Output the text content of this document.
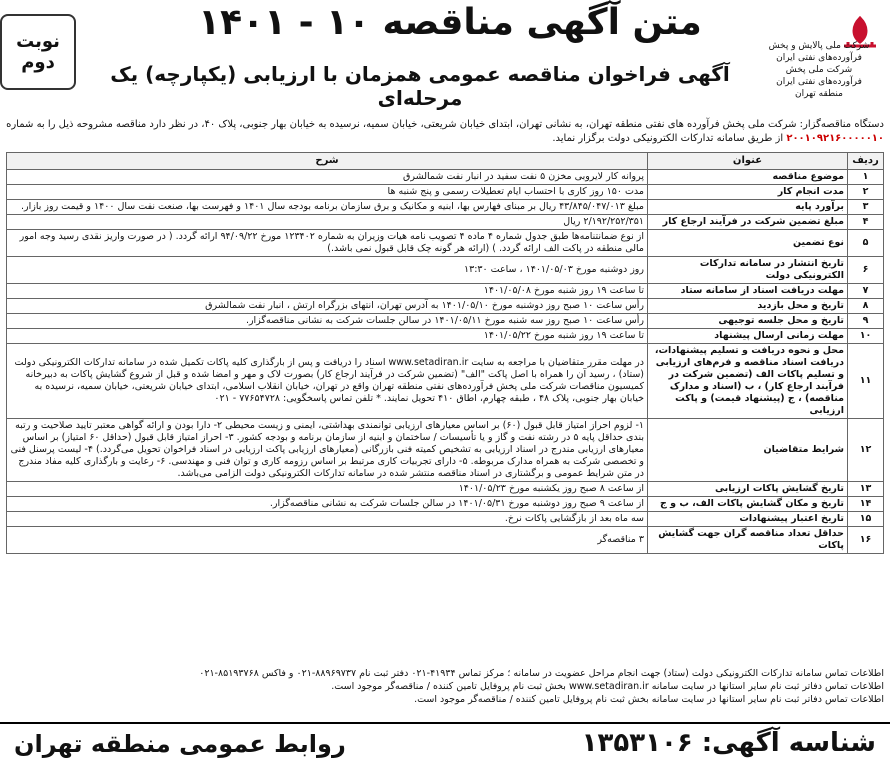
نوبت
دوم
متن آگهی مناقصه ۱۰ - ۱۴۰۱
آگهی فراخوان مناقصه عمومی همزمان با ارزیابی (یکپارچه) یک مرحله‌ای
شرکت ملی پالایش و پخش فرآورده‌های نفتی ایران
شرکت ملی پخش فرآورده‌های نفتی ایران
منطقه تهران
دستگاه مناقصه‌گزار: شرکت ملی پخش فرآورده های نفتی منطقه تهران، به نشانی تهران، ابتدای خیابان شریعتی، خیابان سمیه، نرسیده به خیابان بهار جنوبی، پلاک ۴۰، در نظر دارد مناقصه مشروحه ذیل را به شماره ۲۰۰۱۰۹۲۱۶۰۰۰۰۰۱۰ از طریق سامانه تدارکات الکترونیکی دولت برگزار نماید.
ردیف	عنوان	شرح
۱	موضوع مناقصه	پروانه کار لایروبی مخزن ۵ نفت سفید در انبار نفت شمالشرق
۲	مدت انجام کار	مدت ۱۵۰ روز کاری با احتساب ایام تعطیلات رسمی و پنج شنبه ها
۳	برآورد پایه	مبلغ ۴۳/۸۴۵/۰۴۷/۰۱۳ ریال بر مبنای فهارس بها، ابنیه و مکانیک و برق سازمان برنامه بودجه سال ۱۴۰۱ و فهرست بها، صنعت نفت سال ۱۴۰۰ و قیمت روز بازار.
۴	مبلغ تضمین شرکت در فرآیند ارجاع کار	۲/۱۹۲/۲۵۲/۳۵۱ ریال
۵	نوع تضمین	از نوع ضمانتنامه‌ها طبق جدول شماره ۴ ماده ۴ تصویب نامه هیات وزیران به شماره ۱۲۳۴۰۲ مورخ ۹۴/۰۹/۲۲ ارائه گردد. ( در صورت واریز نقدی رسید وجه امور مالی منطقه در پاکت الف ارائه گردد. ) (ارائه هر گونه چک قابل قبول نمی باشد.)
۶	تاریخ انتشار در سامانه تدارکات الکترونیکی دولت	روز دوشنبه مورخ ۱۴۰۱/۰۵/۰۳ ، ساعت ۱۳:۳۰
۷	مهلت دریافت اسناد از سامانه ستاد	تا ساعت ۱۹ روز شنبه مورخ ۱۴۰۱/۰۵/۰۸
۸	تاریخ و محل بازدید	رأس ساعت ۱۰ صبح روز دوشنبه مورخ ۱۴۰۱/۰۵/۱۰ به آدرس تهران، انتهای بزرگراه ارتش ، انبار نفت شمالشرق
۹	تاریخ و محل جلسه توجیهی	رأس ساعت ۱۰ صبح روز سه شنبه مورخ ۱۴۰۱/۰۵/۱۱ در سالن جلسات شرکت به نشانی مناقصه‌گزار.
۱۰	مهلت زمانی ارسال پیشنهاد	تا ساعت ۱۹ روز شنبه مورخ ۱۴۰۱/۰۵/۲۲
۱۱	محل و نحوه دریافت و تسلیم پیشنهادات، دریافت اسناد مناقصه و فرم‌های ارزیابی و تسلیم پاکات الف (تضمین شرکت در فرآیند ارجاع کار) ، ب (اسناد و مدارک مناقصه) ، ج (پیشنهاد قیمت) و پاکت ارزیابی	در مهلت مقرر متقاضیان با مراجعه به سایت www.setadiran.ir اسناد را دریافت و پس از بارگذاری کلیه پاکات تکمیل شده در سامانه تدارکات الکترونیکی دولت (ستاد) ، رسید آن را همراه با اصل پاکت "الف" (تضمین شرکت در فرآیند ارجاع کار) بصورت لاک و مهر و امضا شده و قبل از شروع گشایش پاکات به دبیرخانه کمیسیون مناقصات شرکت ملی پخش فرآورده‌های نفتی منطقه تهران واقع در تهران، خیابان انقلاب اسلامی، ابتدای خیابان شریعتی، خیابان سمیه، نرسیده به خیابان بهار جنوبی، پلاک ۴۸ ، طبقه چهارم، اطاق ۴۱۰ تحویل نمایند. * تلفن تماس پاسخگویی: ۷۷۶۵۴۷۲۸ - ۰۲۱
۱۲	شرایط متقاضیان	۱- لزوم احراز امتیاز قابل قبول (۶۰) بر اساس معیارهای ارزیابی توانمندی بهداشتی، ایمنی و زیست محیطی ۲- دارا بودن و ارائه گواهی معتبر تایید صلاحیت و رتبه بندی حداقل پایه ۵ در رشته نفت و گاز و یا تأسیسات / ساختمان و ابنیه از سازمان برنامه و بودجه کشور. ۳- احراز امتیاز قابل قبول (حداقل ۶۰ امتیاز) بر اساس معیارهای ارزیابی مندرج در اسناد ارزیابی به تشخیص کمیته فنی بازرگانی (معیارهای ارزیابی پاکت ارزیابی در اسناد فراخوان تحویل می‌گردد.) ۴- لیست پرسنل فنی و تخصصی شرکت به همراه مدارک مربوطه. ۵- دارای تجربیات کاری مرتبط بر اساس رزومه کاری و توان فنی و مهندسی. ۶- رعایت و بارگذاری کلیه مفاد مندرج در متن شرایط عمومی و برگشتاری در اسناد مناقصه منتشر شده در سامانه تدارکات الکترونیکی دولت الزامی می‌باشد.
۱۳	تاریخ گشایش پاکات ارزیابی	از ساعت ۸ صبح روز یکشنبه مورخ ۱۴۰۱/۰۵/۲۳
۱۴	تاریخ و مکان گشایش پاکات الف، ب و ج	از ساعت ۹ صبح روز دوشنبه مورخ ۱۴۰۱/۰۵/۳۱ در سالن جلسات شرکت به نشانی مناقصه‌گزار.
۱۵	تاریخ اعتبار پیشنهادات	سه ماه بعد از بازگشایی پاکات نرخ.
۱۶	حداقل تعداد مناقصه گران جهت گشایش پاکات	۳ مناقصه‌گر
اطلاعات تماس سامانه تدارکات الکترونیکی دولت (ستاد) جهت انجام مراحل عضویت در سامانه ؛ مرکز تماس ۴۱۹۳۴-۰۲۱ دفتر ثبت نام ۸۸۹۶۹۷۳۷-۰۲۱ و فاکس ۸۵۱۹۳۷۶۸-۰۲۱
اطلاعات تماس دفاتر ثبت نام سایر استانها در سایت سامانه www.setadiran.ir بخش ثبت نام پروفایل تامین کننده / مناقصه‌گر موجود است.
اطلاعات تماس دفاتر ثبت نام سایر استانها در سایت سامانه بخش ثبت نام پروفایل تامین کننده / مناقصه‌گر موجود است.
شناسه آگهی: ۱۳۵۳۱۰۶
روابط عمومی منطقه تهران
